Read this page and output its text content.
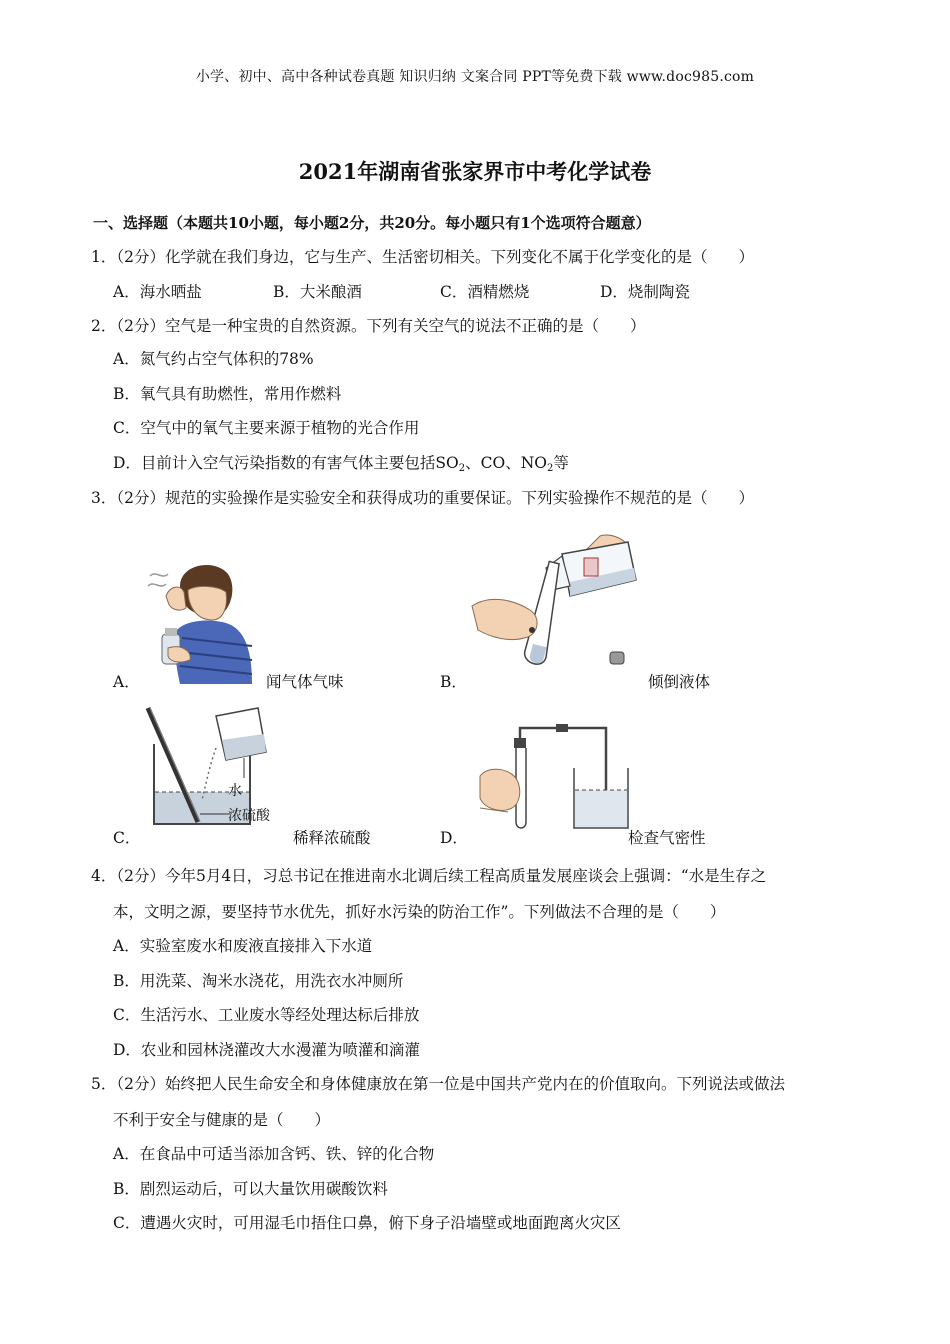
小学、初中、高中各种试卷真题 知识归纳 文案合同 PPT等免费下载 www.doc985.com
2021年湖南省张家界市中考化学试卷
一、选择题（本题共10小题，每小题2分，共20分。每小题只有1个选项符合题意）
1．（2分）化学就在我们身边，它与生产、生活密切相关。下列变化不属于化学变化的是（　　）
A．海水晒盐	B．大米酿酒	C．酒精燃烧	D．烧制陶瓷
2．（2分）空气是一种宝贵的自然资源。下列有关空气的说法不正确的是（　　）
A．氮气约占空气体积的78%
B．氧气具有助燃性，常用作燃料
C．空气中的氧气主要来源于植物的光合作用
D．目前计入空气污染指数的有害气体主要包括$SO_2$、CO、$NO_2$等
3．（2分）规范的实验操作是实验安全和获得成功的重要保证。下列实验操作不规范的是（　　）
A．	闻气体气味	B．	倾倒液体
水
浓硫酸
C．	稀释浓硫酸	D．	检查气密性
4．（2分）今年5月4日，习总书记在推进南水北调后续工程高质量发展座谈会上强调：“水是生存之
本，文明之源，要坚持节水优先，抓好水污染的防治工作”。下列做法不合理的是（　　）
A．实验室废水和废液直接排入下水道
B．用洗菜、淘米水浇花，用洗衣水冲厕所
C．生活污水、工业废水等经处理达标后排放
D．农业和园林浇灌改大水漫灌为喷灌和滴灌
5．（2分）始终把人民生命安全和身体健康放在第一位是中国共产党内在的价值取向。下列说法或做法
不利于安全与健康的是（　　）
A．在食品中可适当添加含钙、铁、锌的化合物
B．剧烈运动后，可以大量饮用碳酸饮料
C．遭遇火灾时，可用湿毛巾捂住口鼻，俯下身子沿墙壁或地面跑离火灾区
